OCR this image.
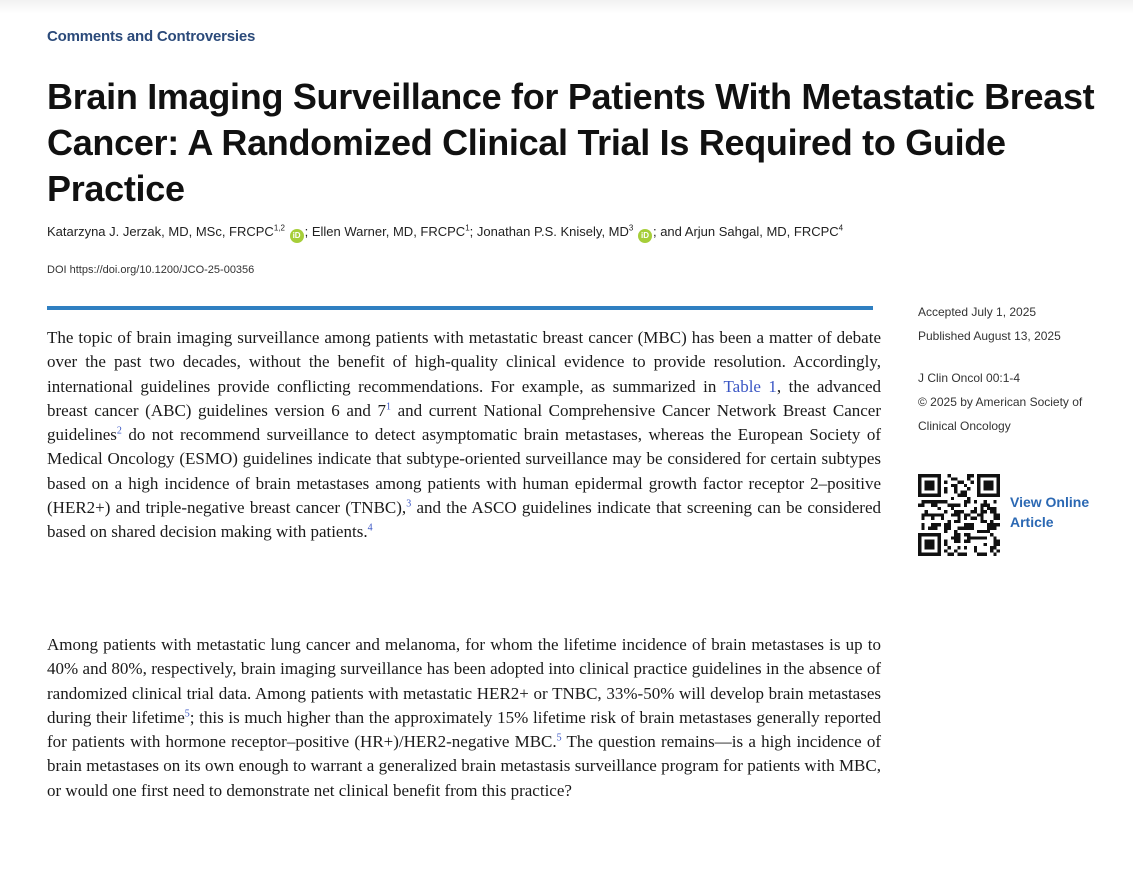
Comments and Controversies
Brain Imaging Surveillance for Patients With Metastatic Breast Cancer: A Randomized Clinical Trial Is Required to Guide Practice
Katarzyna J. Jerzak, MD, MSc, FRCPC$^{1,2}$ iD ; Ellen Warner, MD, FRCPC$^1$; Jonathan P.S. Knisely, $MD^3$ iD ; and Arjun Sahgal, MD, FRCPC$^4$
DOI https://doi.org/10.1200/JCO-25-00356

The topic of brain imaging surveillance among patients with metastatic breast cancer (MBC) has been a matter of debate over the past two decades, without the benefit of high-quality clinical evidence to provide resolution. Accordingly, international guidelines provide conflicting recommendations. For example, as summarized in Table 1, the advanced breast cancer (ABC) guidelines version 6 and $7^1$ and current National Comprehensive Cancer Network Breast Cancer guidelines$^2$ do not recommend surveillance to detect asymptomatic brain metastases, whereas the European Society of Medical Oncology (ESMO) guidelines indicate that subtype-oriented surveillance may be considered for certain subtypes based on a high incidence of brain metastases among patients with human epidermal growth factor receptor 2–positive (HER2+) and triple-negative breast cancer (TNBC),$^3$ and the ASCO guidelines indicate that screening can be considered based on shared decision making with patients.$^4$

Among patients with metastatic lung cancer and melanoma, for whom the lifetime incidence of brain metastases is up to 40% and 80%, respectively, brain imaging surveillance has been adopted into clinical practice guidelines in the absence of randomized clinical trial data. Among patients with metastatic HER2+ or TNBC, 33%-50% will develop brain metastases during their lifetime$^5$; this is much higher than the approximately 15% lifetime risk of brain metastases generally reported for patients with hormone receptor–positive (HR+)/HER2-negative MBC.$^5$ The question remains—is a high incidence of brain metastases on its own enough to warrant a generalized brain metastasis surveillance program for patients with MBC, or would one first need to demonstrate net clinical benefit from this practice?

Accepted July 1, 2025
Published August 13, 2025
J Clin Oncol 00:1-4
© 2025 by American Society of Clinical Oncology
View Online Article
